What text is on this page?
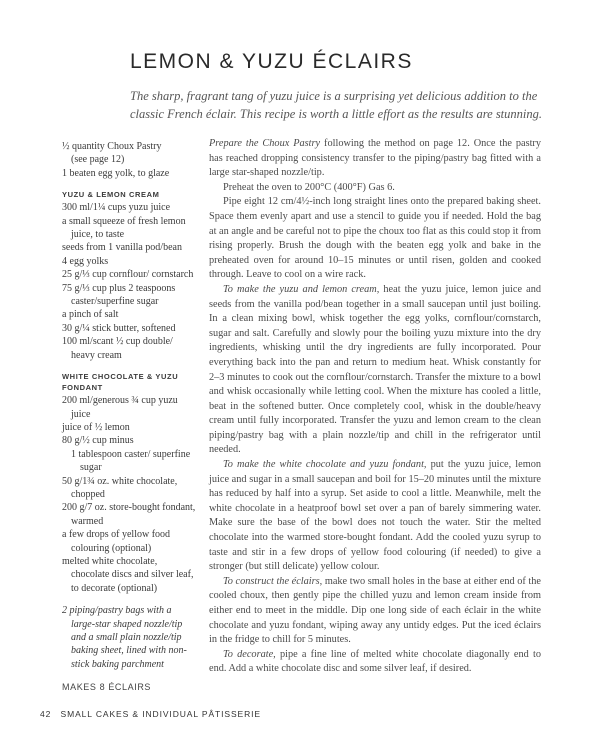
LEMON & YUZU ÉCLAIRS

The sharp, fragrant tang of yuzu juice is a surprising yet delicious addition to the classic French éclair. This recipe is worth a little effort as the results are stunning.

½ quantity Choux Pastry

(see page 12)

1 beaten egg yolk, to glaze

YUZU & LEMON CREAM

300 ml/1¼ cups yuzu juice

a small squeeze of fresh lemon juice, to taste

seeds from 1 vanilla pod/bean

4 egg yolks

25 g/⅓ cup cornflour/ cornstarch

75 g/⅓ cup plus 2 teaspoons caster/superfine sugar

a pinch of salt

30 g/¼ stick butter, softened

100 ml/scant ½ cup double/ heavy cream

WHITE CHOCOLATE & YUZU FONDANT

200 ml/generous ¾ cup yuzu juice

juice of ½ lemon

80 g/½ cup minus

1 tablespoon caster/ superfine sugar

50 g/1¾ oz. white chocolate, chopped

200 g/7 oz. store-bought fondant, warmed

a few drops of yellow food colouring (optional)

melted white chocolate, chocolate discs and silver leaf, to decorate (optional)

2 piping/pastry bags with a large-star shaped nozzle/tip and a small plain nozzle/tip baking sheet, lined with non-stick baking parchment

MAKES 8 ÉCLAIRS

Prepare the Choux Pastry following the method on page 12. Once the pastry has reached dropping consistency transfer to the piping/pastry bag fitted with a large star-shaped nozzle/tip.

Preheat the oven to 200°C (400°F) Gas 6.

Pipe eight 12 cm/4½-inch long straight lines onto the prepared baking sheet. Space them evenly apart and use a stencil to guide you if needed. Hold the bag at an angle and be careful not to pipe the choux too flat as this could stop it from rising properly. Brush the dough with the beaten egg yolk and bake in the preheated oven for around 10–15 minutes or until risen, golden and cooked through. Leave to cool on a wire rack.

To make the yuzu and lemon cream, heat the yuzu juice, lemon juice and seeds from the vanilla pod/bean together in a small saucepan until just boiling. In a clean mixing bowl, whisk together the egg yolks, cornflour/cornstarch, sugar and salt. Carefully and slowly pour the boiling yuzu mixture into the dry ingredients, whisking until the dry ingredients are fully incorporated. Pour everything back into the pan and return to medium heat. Whisk constantly for 2–3 minutes to cook out the cornflour/cornstarch. Transfer the mixture to a bowl and whisk occasionally while letting cool. When the mixture has cooled a little, beat in the softened butter. Once completely cool, whisk in the double/heavy cream until fully incorporated. Transfer the yuzu and lemon cream to the clean piping/pastry bag with a plain nozzle/tip and chill in the refrigerator until needed.

To make the white chocolate and yuzu fondant, put the yuzu juice, lemon juice and sugar in a small saucepan and boil for 15–20 minutes until the mixture has reduced by half into a syrup. Set aside to cool a little. Meanwhile, melt the white chocolate in a heatproof bowl set over a pan of barely simmering water. Make sure the base of the bowl does not touch the water. Stir the melted chocolate into the warmed store-bought fondant. Add the cooled yuzu syrup to taste and stir in a few drops of yellow food colouring (if needed) to give a stronger (but still delicate) yellow colour.

To construct the éclairs, make two small holes in the base at either end of the cooled choux, then gently pipe the chilled yuzu and lemon cream inside from either end to meet in the middle. Dip one long side of each éclair in the white chocolate and yuzu fondant, wiping away any untidy edges. Put the iced éclairs in the fridge to chill for 5 minutes.

To decorate, pipe a fine line of melted white chocolate diagonally end to end. Add a white chocolate disc and some silver leaf, if desired.

42 SMALL CAKES & INDIVIDUAL PÂTISSERIE
